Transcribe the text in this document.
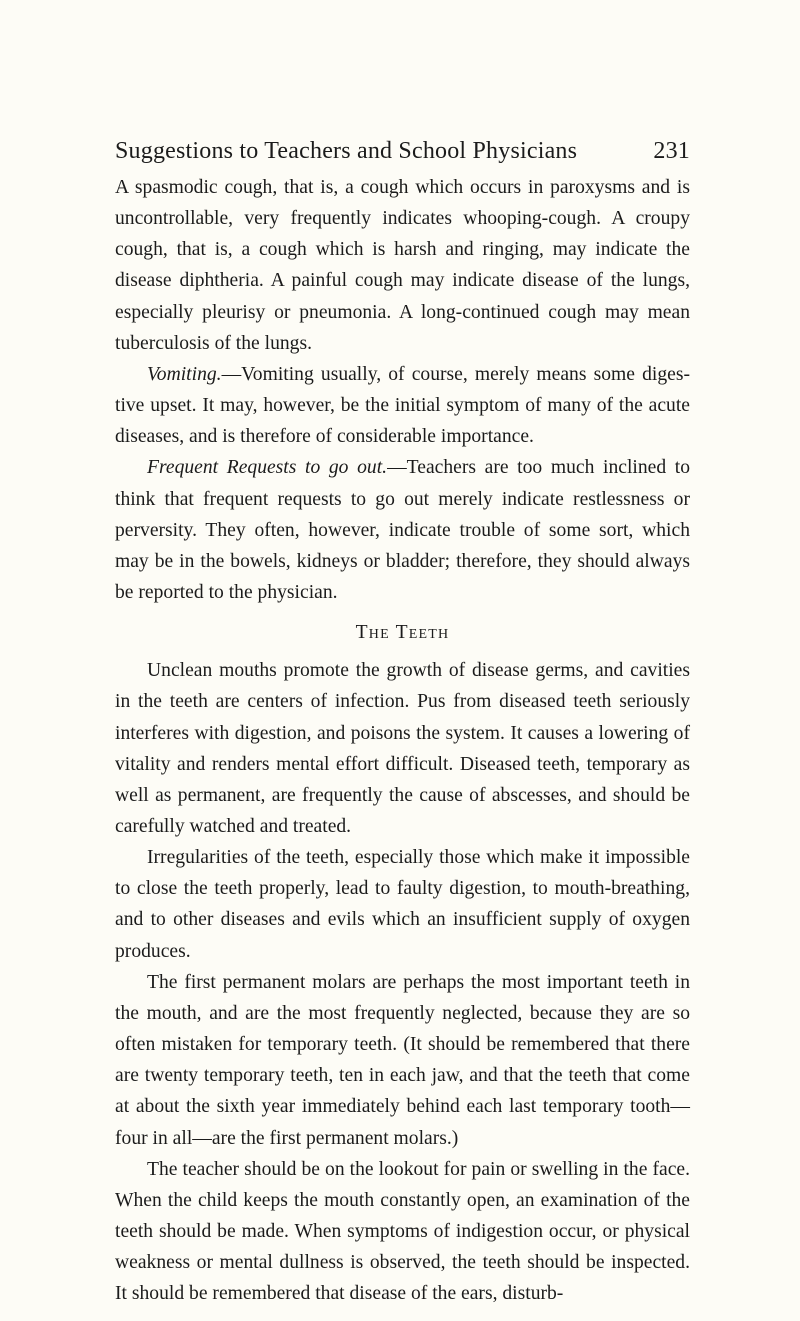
Suggestions to Teachers and School Physicians	231

A spasmodic cough, that is, a cough which occurs in paroxysms and is uncontrollable, very frequently indicates whooping-cough. A croupy cough, that is, a cough which is harsh and ringing, may indicate the disease diphtheria. A painful cough may indicate disease of the lungs, especially pleurisy or pneumonia. A long-continued cough may mean tuberculosis of the lungs.

Vomiting.—Vomiting usually, of course, merely means some digestive upset. It may, however, be the initial symptom of many of the acute diseases, and is therefore of considerable importance.

Frequent Requests to go out.—Teachers are too much inclined to think that frequent requests to go out merely indicate restlessness or perversity. They often, however, indicate trouble of some sort, which may be in the bowels, kidneys or bladder; therefore, they should always be reported to the physician.

The Teeth

Unclean mouths promote the growth of disease germs, and cavities in the teeth are centers of infection. Pus from diseased teeth seriously interferes with digestion, and poisons the system. It causes a lowering of vitality and renders mental effort difficult. Diseased teeth, temporary as well as permanent, are frequently the cause of abscesses, and should be carefully watched and treated.

Irregularities of the teeth, especially those which make it impossible to close the teeth properly, lead to faulty digestion, to mouth-breathing, and to other diseases and evils which an insufficient supply of oxygen produces.

The first permanent molars are perhaps the most important teeth in the mouth, and are the most frequently neglected, because they are so often mistaken for temporary teeth. (It should be remembered that there are twenty temporary teeth, ten in each jaw, and that the teeth that come at about the sixth year immediately behind each last temporary tooth—four in all—are the first permanent molars.)

The teacher should be on the lookout for pain or swelling in the face. When the child keeps the mouth constantly open, an examination of the teeth should be made. When symptoms of indigestion occur, or physical weakness or mental dullness is observed, the teeth should be inspected. It should be remembered that disease of the ears, disturb-
